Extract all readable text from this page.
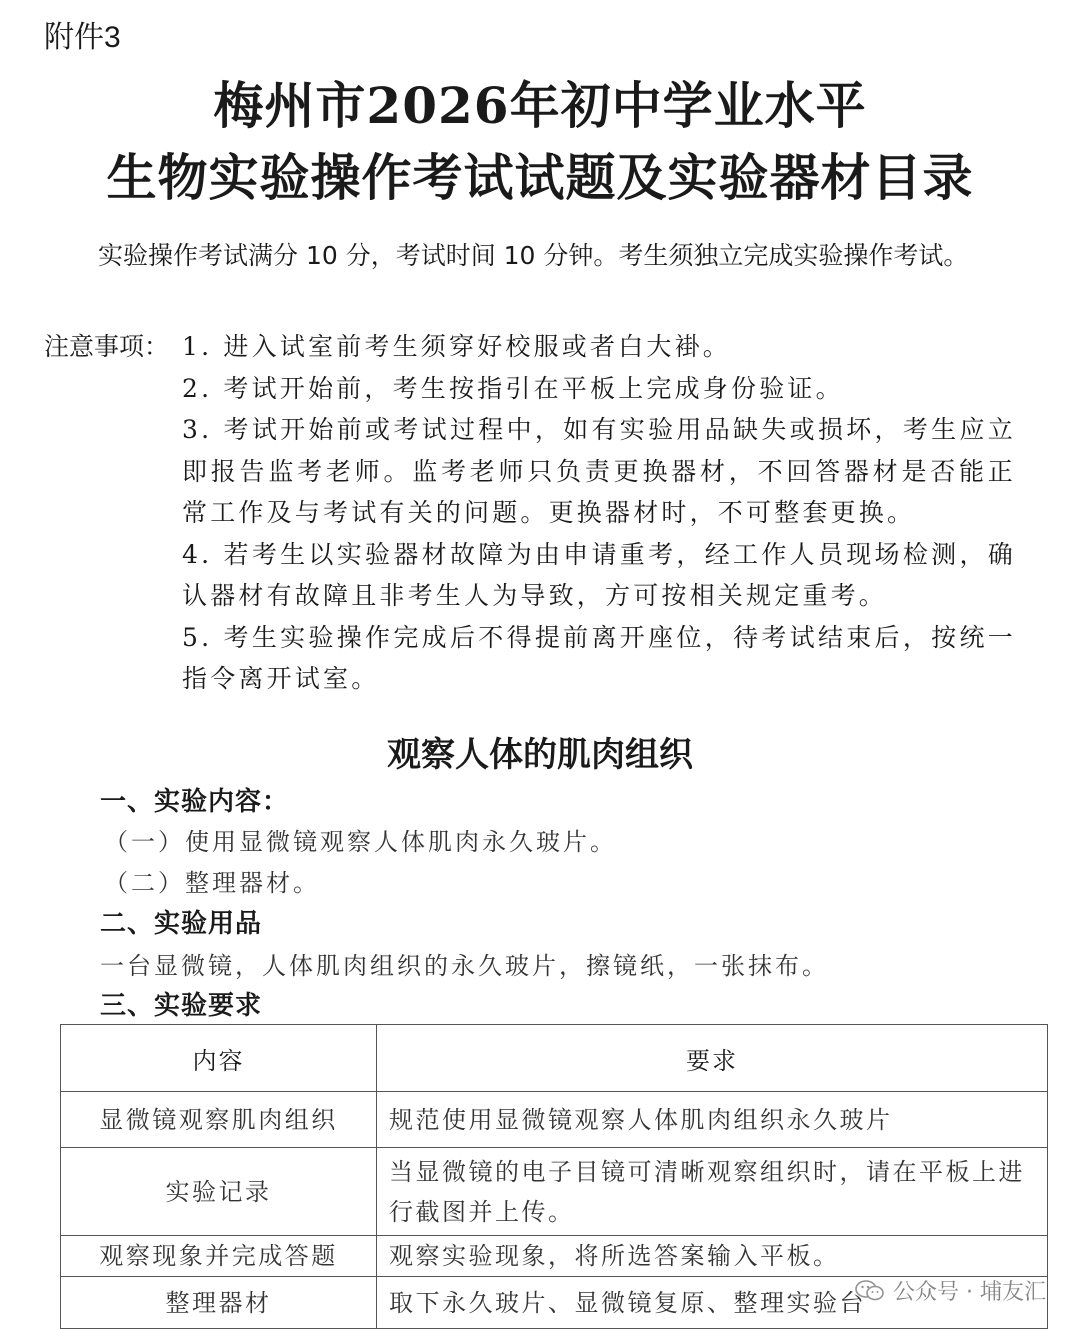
附件3
梅州市2026年初中学业水平
生物实验操作考试试题及实验器材目录
实验操作考试满分 10 分，考试时间 10 分钟。考生须独立完成实验操作考试。
注意事项： 1. 进入试室前考生须穿好校服或者白大褂。
2. 考试开始前，考生按指引在平板上完成身份验证。
3. 考试开始前或考试过程中，如有实验用品缺失或损坏，考生应立即报告监考老师。监考老师只负责更换器材，不回答器材是否能正常工作及与考试有关的问题。更换器材时，不可整套更换。
4. 若考生以实验器材故障为由申请重考，经工作人员现场检测，确认器材有故障且非考生人为导致，方可按相关规定重考。
5. 考生实验操作完成后不得提前离开座位，待考试结束后，按统一指令离开试室。
观察人体的肌肉组织
一、实验内容：
（一）使用显微镜观察人体肌肉永久玻片。
（二）整理器材。
二、实验用品
一台显微镜，人体肌肉组织的永久玻片，擦镜纸，一张抹布。
三、实验要求
内容	要求
显微镜观察肌肉组织	规范使用显微镜观察人体肌肉组织永久玻片
实验记录	当显微镜的电子目镜可清晰观察组织时，请在平板上进行截图并上传。
观察现象并完成答题	观察实验现象，将所选答案输入平板。
整理器材	取下永久玻片、显微镜复原、整理实验台 公众号 · 埔友汇
